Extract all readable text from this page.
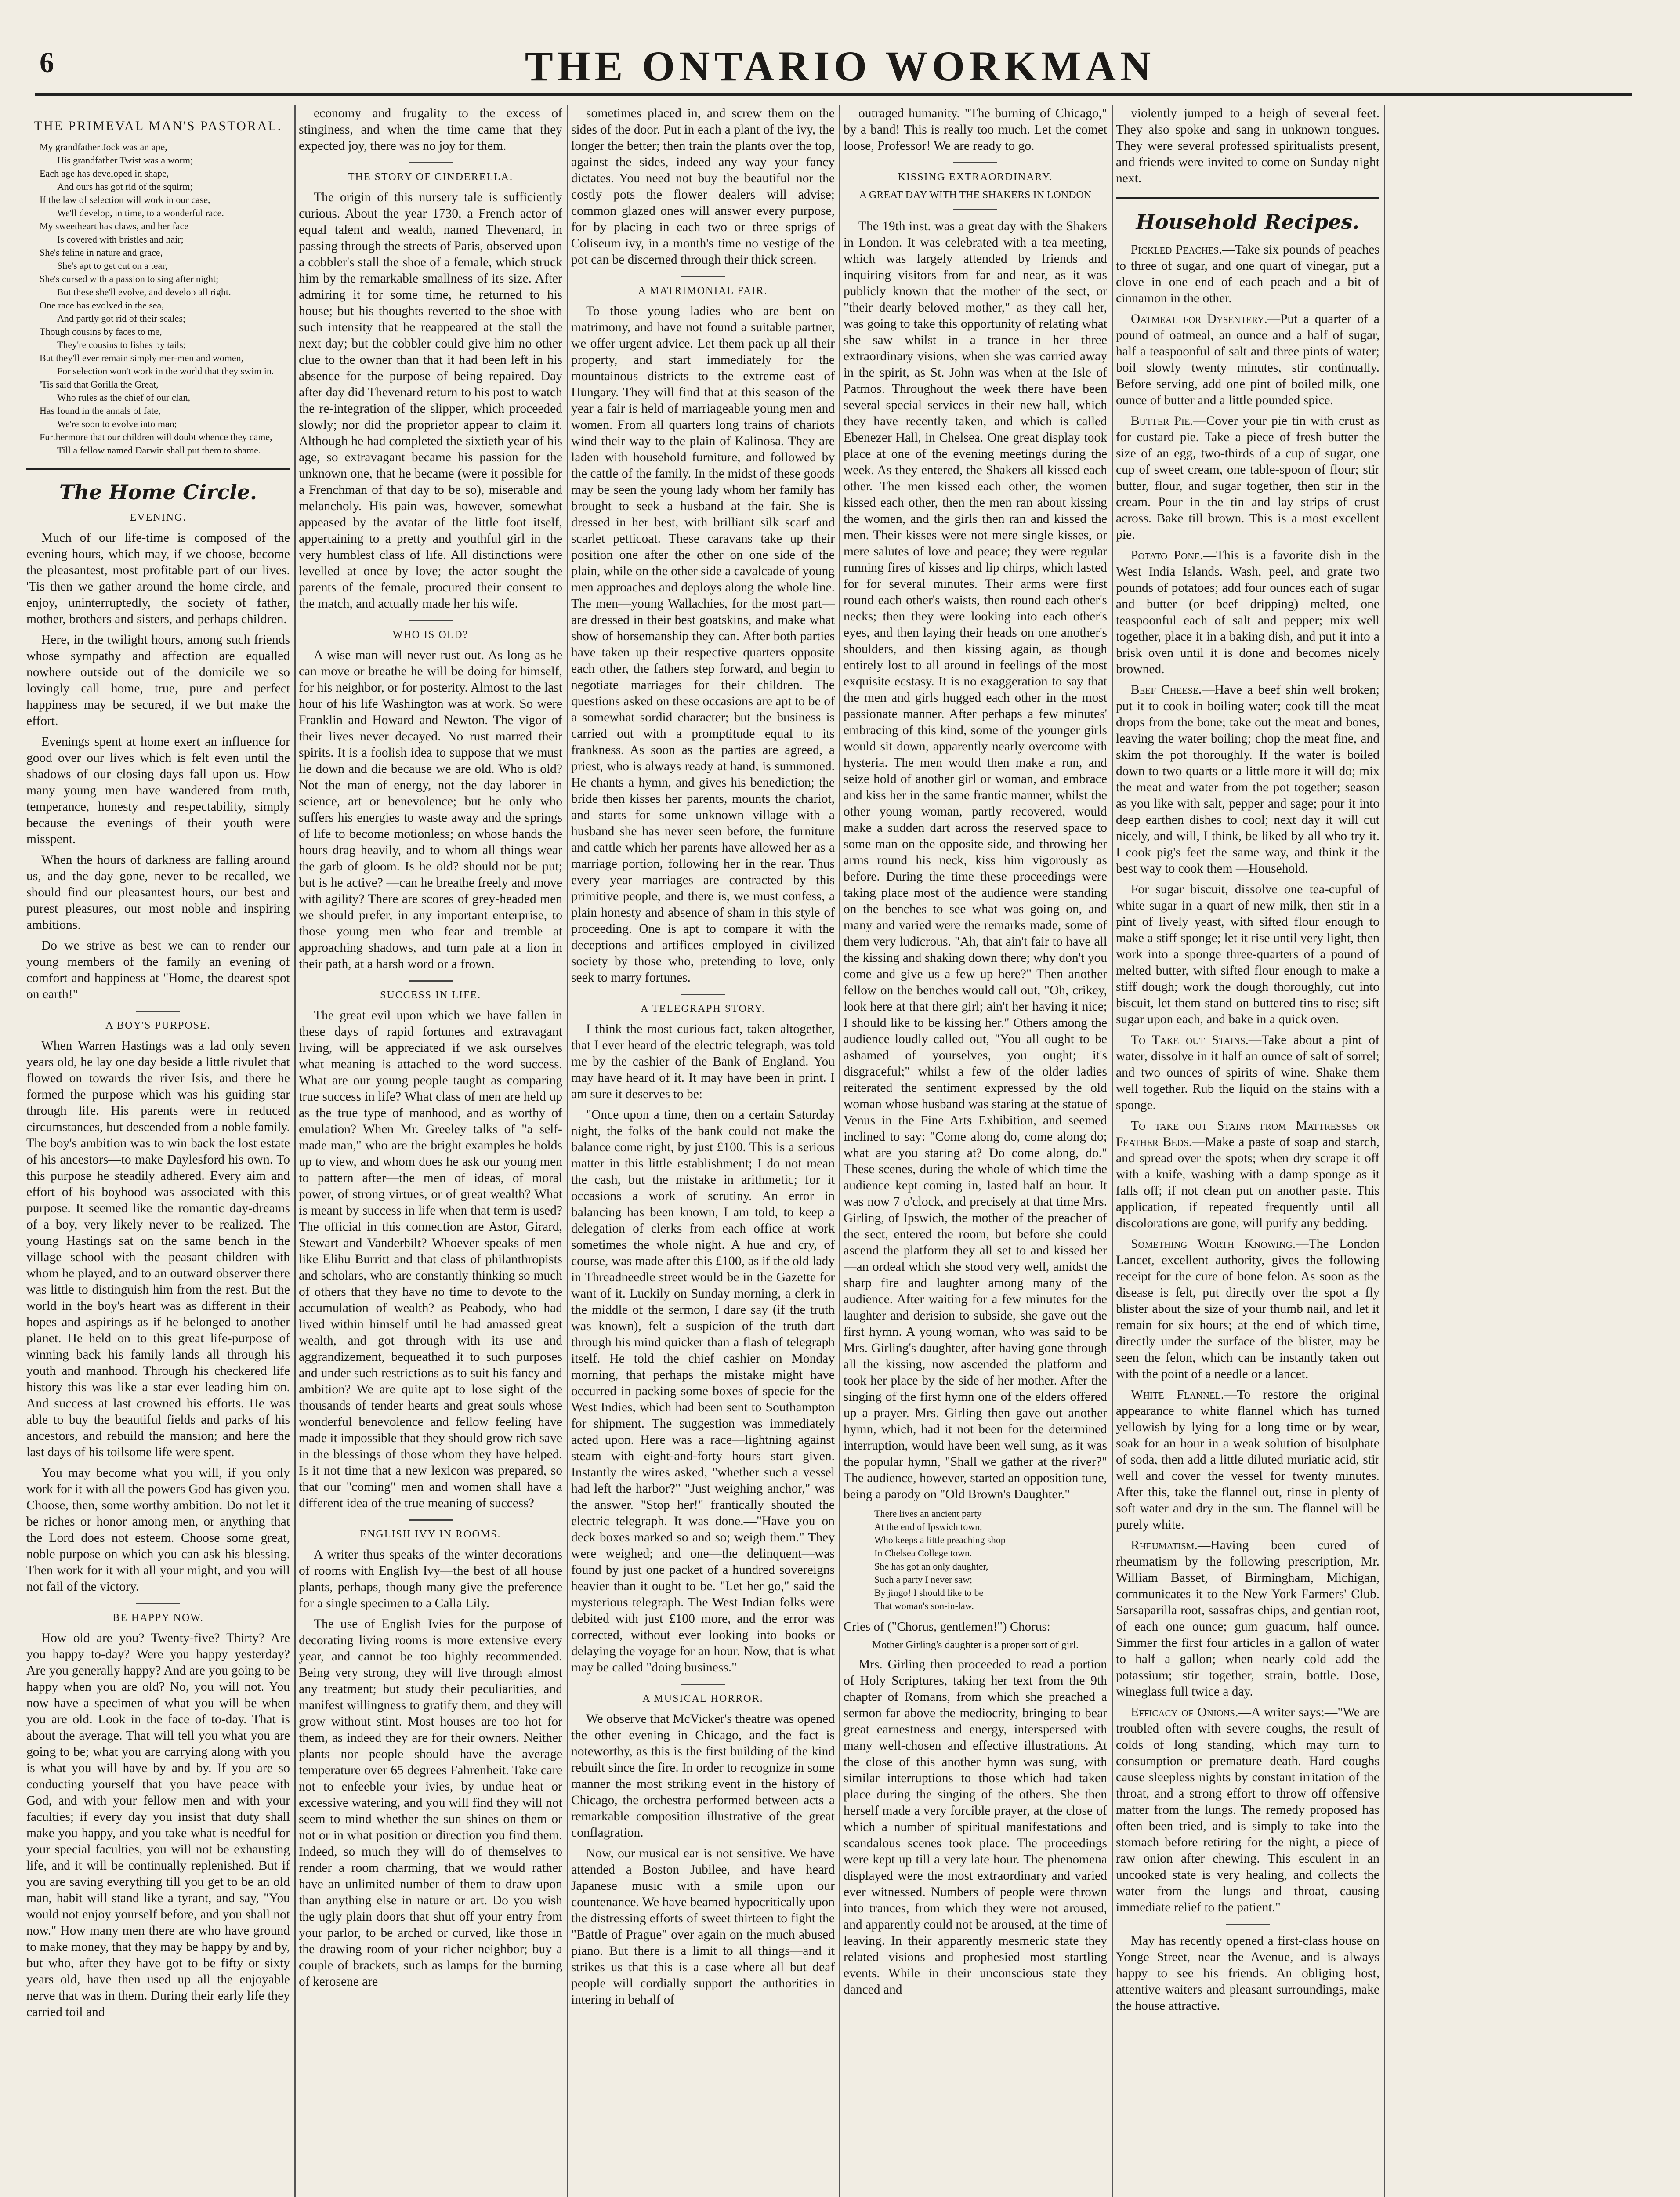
6	THE ONTARIO WORKMAN
THE PRIMEVAL MAN'S PASTORAL.
My grandfather Jock was an ape,
His grandfather Twist was a worm;
Each age has developed in shape,
And ours has got rid of the squirm;
If the law of selection will work in our case,
We'll develop, in time, to a wonderful race.
My sweetheart has claws, and her face
Is covered with bristles and hair;
She's feline in nature and grace,
She's apt to get cut on a tear,
She's cursed with a passion to sing after night;
But these she'll evolve, and develop all right.
One race has evolved in the sea,
And partly got rid of their scales;
Though cousins by faces to me,
They're cousins to fishes by tails;
But they'll ever remain simply mer-men and women,
For selection won't work in the world that they swim in.
'Tis said that Gorilla the Great,
Who rules as the chief of our clan,
Has found in the annals of fate,
We're soon to evolve into man;
Furthermore that our children will doubt whence they came,
Till a fellow named Darwin shall put them to shame.
The Home Circle.
EVENING.

Much of our life-time is composed of the evening hours, which may, if we choose, become the pleasantest, most profitable part of our lives. 'Tis then we gather around the home circle, and enjoy, uninterruptedly, the society of father, mother, brothers and sisters, and perhaps children.

Here, in the twilight hours, among such friends whose sympathy and affection are equalled nowhere outside out of the domicile we so lovingly call home, true, pure and perfect happiness may be secured, if we but make the effort.

Evenings spent at home exert an influence for good over our lives which is felt even until the shadows of our closing days fall upon us. How many young men have wandered from truth, temperance, honesty and respectability, simply because the evenings of their youth were misspent.

When the hours of darkness are falling around us, and the day gone, never to be recalled, we should find our pleasantest hours, our best and purest pleasures, our most noble and inspiring ambitions.

Do we strive as best we can to render our young members of the family an evening of comfort and happiness at "Home, the dearest spot on earth!"

A BOY'S PURPOSE.

When Warren Hastings was a lad only seven years old, he lay one day beside a little rivulet that flowed on towards the river Isis, and there he formed the purpose which was his guiding star through life. His parents were in reduced circumstances, but descended from a noble family. The boy's ambition was to win back the lost estate of his ancestors—to make Daylesford his own. To this purpose he steadily adhered. Every aim and effort of his boyhood was associated with this purpose. It seemed like the romantic day-dreams of a boy, very likely never to be realized. The young Hastings sat on the same bench in the village school with the peasant children with whom he played, and to an outward observer there was little to distinguish him from the rest. But the world in the boy's heart was as different in their hopes and aspirings as if he belonged to another planet. He held on to this great life-purpose of winning back his family lands all through his youth and manhood. Through his checkered life history this was like a star ever leading him on. And success at last crowned his efforts. He was able to buy the beautiful fields and parks of his ancestors, and rebuild the mansion; and here the last days of his toilsome life were spent.

You may become what you will, if you only work for it with all the powers God has given you. Choose, then, some worthy ambition. Do not let it be riches or honor among men, or anything that the Lord does not esteem. Choose some great, noble purpose on which you can ask his blessing. Then work for it with all your might, and you will not fail of the victory.

BE HAPPY NOW.

How old are you? Twenty-five? Thirty? Are you happy to-day? Were you happy yesterday? Are you generally happy? And are you going to be happy when you are old? No, you will not. You now have a specimen of what you will be when you are old. Look in the face of to-day. That is about the average. That will tell you what you are going to be; what you are carrying along with you is what you will have by and by. If you are so conducting yourself that you have peace with God, and with your fellow men and with your faculties; if every day you insist that duty shall make you happy, and you take what is needful for your special faculties, you will not be exhausting life, and it will be continually replenished. But if you are saving everything till you get to be an old man, habit will stand like a tyrant, and say, "You would not enjoy yourself before, and you shall not now." How many men there are who have ground to make money, that they may be happy by and by, but who, after they have got to be fifty or sixty years old, have then used up all the enjoyable nerve that was in them. During their early life they carried toil and

economy and frugality to the excess of stinginess, and when the time came that they expected joy, there was no joy for them.

THE STORY OF CINDERELLA.

The origin of this nursery tale is sufficiently curious. About the year 1730, a French actor of equal talent and wealth, named Thevenard, in passing through the streets of Paris, observed upon a cobbler's stall the shoe of a female, which struck him by the remarkable smallness of its size. After admiring it for some time, he returned to his house; but his thoughts reverted to the shoe with such intensity that he reappeared at the stall the next day; but the cobbler could give him no other clue to the owner than that it had been left in his absence for the purpose of being repaired. Day after day did Thevenard return to his post to watch the re-integration of the slipper, which proceeded slowly; nor did the proprietor appear to claim it. Although he had completed the sixtieth year of his age, so extravagant became his passion for the unknown one, that he became (were it possible for a Frenchman of that day to be so), miserable and melancholy. His pain was, however, somewhat appeased by the avatar of the little foot itself, appertaining to a pretty and youthful girl in the very humblest class of life. All distinctions were levelled at once by love; the actor sought the parents of the female, procured their consent to the match, and actually made her his wife.

WHO IS OLD?

A wise man will never rust out. As long as he can move or breathe he will be doing for himself, for his neighbor, or for posterity. Almost to the last hour of his life Washington was at work. So were Franklin and Howard and Newton. The vigor of their lives never decayed. No rust marred their spirits. It is a foolish idea to suppose that we must lie down and die because we are old. Who is old? Not the man of energy, not the day laborer in science, art or benevolence; but he only who suffers his energies to waste away and the springs of life to become motionless; on whose hands the hours drag heavily, and to whom all things wear the garb of gloom. Is he old? should not be put; but is he active? —can he breathe freely and move with agility? There are scores of grey-headed men we should prefer, in any important enterprise, to those young men who fear and tremble at approaching shadows, and turn pale at a lion in their path, at a harsh word or a frown.

SUCCESS IN LIFE.

The great evil upon which we have fallen in these days of rapid fortunes and extravagant living, will be appreciated if we ask ourselves what meaning is attached to the word success. What are our young people taught as comparing true success in life? What class of men are held up as the true type of manhood, and as worthy of emulation? When Mr. Greeley talks of "a self-made man," who are the bright examples he holds up to view, and whom does he ask our young men to pattern after—the men of ideas, of moral power, of strong virtues, or of great wealth? What is meant by success in life when that term is used? The official in this connection are Astor, Girard, Stewart and Vanderbilt? Whoever speaks of men like Elihu Burritt and that class of philanthropists and scholars, who are constantly thinking so much of others that they have no time to devote to the accumulation of wealth? as Peabody, who had lived within himself until he had amassed great wealth, and got through with its use and aggrandizement, bequeathed it to such purposes and under such restrictions as to suit his fancy and ambition? We are quite apt to lose sight of the thousands of tender hearts and great souls whose wonderful benevolence and fellow feeling have made it impossible that they should grow rich save in the blessings of those whom they have helped. Is it not time that a new lexicon was prepared, so that our "coming" men and women shall have a different idea of the true meaning of success?

ENGLISH IVY IN ROOMS.

A writer thus speaks of the winter decorations of rooms with English Ivy—the best of all house plants, perhaps, though many give the preference for a single specimen to a Calla Lily.

The use of English Ivies for the purpose of decorating living rooms is more extensive every year, and cannot be too highly recommended. Being very strong, they will live through almost any treatment; but study their peculiarities, and manifest willingness to gratify them, and they will grow without stint. Most houses are too hot for them, as indeed they are for their owners. Neither plants nor people should have the average temperature over 65 degrees Fahrenheit. Take care not to enfeeble your ivies, by undue heat or excessive watering, and you will find they will not seem to mind whether the sun shines on them or not or in what position or direction you find them. Indeed, so much they will do of themselves to render a room charming, that we would rather have an unlimited number of them to draw upon than anything else in nature or art. Do you wish the ugly plain doors that shut off your entry from your parlor, to be arched or curved, like those in the drawing room of your richer neighbor; buy a couple of brackets, such as lamps for the burning of kerosene are

sometimes placed in, and screw them on the sides of the door. Put in each a plant of the ivy, the longer the better; then train the plants over the top, against the sides, indeed any way your fancy dictates. You need not buy the beautiful nor the costly pots the flower dealers will advise; common glazed ones will answer every purpose, for by placing in each two or three sprigs of Coliseum ivy, in a month's time no vestige of the pot can be discerned through their thick screen.

A MATRIMONIAL FAIR.

To those young ladies who are bent on matrimony, and have not found a suitable partner, we offer urgent advice. Let them pack up all their property, and start immediately for the mountainous districts to the extreme east of Hungary. They will find that at this season of the year a fair is held of marriageable young men and women. From all quarters long trains of chariots wind their way to the plain of Kalinosa. They are laden with household furniture, and followed by the cattle of the family. In the midst of these goods may be seen the young lady whom her family has brought to seek a husband at the fair. She is dressed in her best, with brilliant silk scarf and scarlet petticoat. These caravans take up their position one after the other on one side of the plain, while on the other side a cavalcade of young men approaches and deploys along the whole line. The men—young Wallachies, for the most part—are dressed in their best goatskins, and make what show of horsemanship they can. After both parties have taken up their respective quarters opposite each other, the fathers step forward, and begin to negotiate marriages for their children. The questions asked on these occasions are apt to be of a somewhat sordid character; but the business is carried out with a promptitude equal to its frankness. As soon as the parties are agreed, a priest, who is always ready at hand, is summoned. He chants a hymn, and gives his benediction; the bride then kisses her parents, mounts the chariot, and starts for some unknown village with a husband she has never seen before, the furniture and cattle which her parents have allowed her as a marriage portion, following her in the rear. Thus every year marriages are contracted by this primitive people, and there is, we must confess, a plain honesty and absence of sham in this style of proceeding. One is apt to compare it with the deceptions and artifices employed in civilized society by those who, pretending to love, only seek to marry fortunes.

A TELEGRAPH STORY.

I think the most curious fact, taken altogether, that I ever heard of the electric telegraph, was told me by the cashier of the Bank of England. You may have heard of it. It may have been in print. I am sure it deserves to be:

"Once upon a time, then on a certain Saturday night, the folks of the bank could not make the balance come right, by just £100. This is a serious matter in this little establishment; I do not mean the cash, but the mistake in arithmetic; for it occasions a work of scrutiny. An error in balancing has been known, I am told, to keep a delegation of clerks from each office at work sometimes the whole night. A hue and cry, of course, was made after this £100, as if the old lady in Threadneedle street would be in the Gazette for want of it. Luckily on Sunday morning, a clerk in the middle of the sermon, I dare say (if the truth was known), felt a suspicion of the truth dart through his mind quicker than a flash of telegraph itself. He told the chief cashier on Monday morning, that perhaps the mistake might have occurred in packing some boxes of specie for the West Indies, which had been sent to Southampton for shipment. The suggestion was immediately acted upon. Here was a race—lightning against steam with eight-and-forty hours start given. Instantly the wires asked, "whether such a vessel had left the harbor?" "Just weighing anchor," was the answer. "Stop her!" frantically shouted the electric telegraph. It was done.—"Have you on deck boxes marked so and so; weigh them." They were weighed; and one—the delinquent—was found by just one packet of a hundred sovereigns heavier than it ought to be. "Let her go," said the mysterious telegraph. The West Indian folks were debited with just £100 more, and the error was corrected, without ever looking into books or delaying the voyage for an hour. Now, that is what may be called "doing business."

A MUSICAL HORROR.

We observe that McVicker's theatre was opened the other evening in Chicago, and the fact is noteworthy, as this is the first building of the kind rebuilt since the fire. In order to recognize in some manner the most striking event in the history of Chicago, the orchestra performed between acts a remarkable composition illustrative of the great conflagration.

Now, our musical ear is not sensitive. We have attended a Boston Jubilee, and have heard Japanese music with a smile upon our countenance. We have beamed hypocritically upon the distressing efforts of sweet thirteen to fight the "Battle of Prague" over again on the much abused piano. But there is a limit to all things—and it strikes us that this is a case where all but deaf people will cordially support the authorities in intering in behalf of

outraged humanity. "The burning of Chicago," by a band! This is really too much. Let the comet loose, Professor! We are ready to go.

KISSING EXTRAORDINARY.
A GREAT DAY WITH THE SHAKERS IN LONDON

The 19th inst. was a great day with the Shakers in London. It was celebrated with a tea meeting, which was largely attended by friends and inquiring visitors from far and near, as it was publicly known that the mother of the sect, or "their dearly beloved mother," as they call her, was going to take this opportunity of relating what she saw whilst in a trance in her three extraordinary visions, when she was carried away in the spirit, as St. John was when at the Isle of Patmos. Throughout the week there have been several special services in their new hall, which they have recently taken, and which is called Ebenezer Hall, in Chelsea. One great display took place at one of the evening meetings during the week. As they entered, the Shakers all kissed each other. The men kissed each other, the women kissed each other, then the men ran about kissing the women, and the girls then ran and kissed the men. Their kisses were not mere single kisses, or mere salutes of love and peace; they were regular running fires of kisses and lip chirps, which lasted for for several minutes. Their arms were first round each other's waists, then round each other's necks; then they were looking into each other's eyes, and then laying their heads on one another's shoulders, and then kissing again, as though entirely lost to all around in feelings of the most exquisite ecstasy. It is no exaggeration to say that the men and girls hugged each other in the most passionate manner. After perhaps a few minutes' embracing of this kind, some of the younger girls would sit down, apparently nearly overcome with hysteria. The men would then make a run, and seize hold of another girl or woman, and embrace and kiss her in the same frantic manner, whilst the other young woman, partly recovered, would make a sudden dart across the reserved space to some man on the opposite side, and throwing her arms round his neck, kiss him vigorously as before. During the time these proceedings were taking place most of the audience were standing on the benches to see what was going on, and many and varied were the remarks made, some of them very ludicrous. "Ah, that ain't fair to have all the kissing and shaking down there; why don't you come and give us a few up here?" Then another fellow on the benches would call out, "Oh, crikey, look here at that there girl; ain't her having it nice; I should like to be kissing her." Others among the audience loudly called out, "You all ought to be ashamed of yourselves, you ought; it's disgraceful;" whilst a few of the older ladies reiterated the sentiment expressed by the old woman whose husband was staring at the statue of Venus in the Fine Arts Exhibition, and seemed inclined to say: "Come along do, come along do; what are you staring at? Do come along, do." These scenes, during the whole of which time the audience kept coming in, lasted half an hour. It was now 7 o'clock, and precisely at that time Mrs. Girling, of Ipswich, the mother of the preacher of the sect, entered the room, but before she could ascend the platform they all set to and kissed her—an ordeal which she stood very well, amidst the sharp fire and laughter among many of the audience. After waiting for a few minutes for the laughter and derision to subside, she gave out the first hymn. A young woman, who was said to be Mrs. Girling's daughter, after having gone through all the kissing, now ascended the platform and took her place by the side of her mother. After the singing of the first hymn one of the elders offered up a prayer. Mrs. Girling then gave out another hymn, which, had it not been for the determined interruption, would have been well sung, as it was the popular hymn, "Shall we gather at the river?" The audience, however, started an opposition tune, being a parody on "Old Brown's Daughter."

There lives an ancient party
At the end of Ipswich town,
Who keeps a little preaching shop
In Chelsea College town.
She has got an only daughter,
Such a party I never saw;
By jingo! I should like to be
That woman's son-in-law.
Cries of ("Chorus, gentlemen!") Chorus:
Mother Girling's daughter is a proper sort of girl.

Mrs. Girling then proceeded to read a portion of Holy Scriptures, taking her text from the 9th chapter of Romans, from which she preached a sermon far above the mediocrity, bringing to bear great earnestness and energy, interspersed with many well-chosen and effective illustrations. At the close of this another hymn was sung, with similar interruptions to those which had taken place during the singing of the others. She then herself made a very forcible prayer, at the close of which a number of spiritual manifestations and scandalous scenes took place. The proceedings were kept up till a very late hour. The phenomena displayed were the most extraordinary and varied ever witnessed. Numbers of people were thrown into trances, from which they were not aroused, and apparently could not be aroused, at the time of leaving. In their apparently mesmeric state they related visions and prophesied most startling events. While in their unconscious state they danced and

violently jumped to a heigh of several feet. They also spoke and sang in unknown tongues. They were several professed spiritualists present, and friends were invited to come on Sunday night next.

Household Recipes.

Pickled Peaches.—Take six pounds of peaches to three of sugar, and one quart of vinegar, put a clove in one end of each peach and a bit of cinnamon in the other.

Oatmeal for Dysentery.—Put a quarter of a pound of oatmeal, an ounce and a half of sugar, half a teaspoonful of salt and three pints of water; boil slowly twenty minutes, stir continually. Before serving, add one pint of boiled milk, one ounce of butter and a little pounded spice.

Butter Pie.—Cover your pie tin with crust as for custard pie. Take a piece of fresh butter the size of an egg, two-thirds of a cup of sugar, one cup of sweet cream, one table-spoon of flour; stir butter, flour, and sugar together, then stir in the cream. Pour in the tin and lay strips of crust across. Bake till brown. This is a most excellent pie.

Potato Pone.—This is a favorite dish in the West India Islands. Wash, peel, and grate two pounds of potatoes; add four ounces each of sugar and butter (or beef dripping) melted, one teaspoonful each of salt and pepper; mix well together, place it in a baking dish, and put it into a brisk oven until it is done and becomes nicely browned.

Beef Cheese.—Have a beef shin well broken; put it to cook in boiling water; cook till the meat drops from the bone; take out the meat and bones, leaving the water boiling; chop the meat fine, and skim the pot thoroughly. If the water is boiled down to two quarts or a little more it will do; mix the meat and water from the pot together; season as you like with salt, pepper and sage; pour it into deep earthen dishes to cool; next day it will cut nicely, and will, I think, be liked by all who try it. I cook pig's feet the same way, and think it the best way to cook them —Household.

For sugar biscuit, dissolve one tea-cupful of white sugar in a quart of new milk, then stir in a pint of lively yeast, with sifted flour enough to make a stiff sponge; let it rise until very light, then work into a sponge three-quarters of a pound of melted butter, with sifted flour enough to make a stiff dough; work the dough thoroughly, cut into biscuit, let them stand on buttered tins to rise; sift sugar upon each, and bake in a quick oven.

To Take out Stains.—Take about a pint of water, dissolve in it half an ounce of salt of sorrel; and two ounces of spirits of wine. Shake them well together. Rub the liquid on the stains with a sponge.

To take out Stains from Mattresses or Feather Beds.—Make a paste of soap and starch, and spread over the spots; when dry scrape it off with a knife, washing with a damp sponge as it falls off; if not clean put on another paste. This application, if repeated frequently until all discolorations are gone, will purify any bedding.

Something Worth Knowing.—The London Lancet, excellent authority, gives the following receipt for the cure of bone felon. As soon as the disease is felt, put directly over the spot a fly blister about the size of your thumb nail, and let it remain for six hours; at the end of which time, directly under the surface of the blister, may be seen the felon, which can be instantly taken out with the point of a needle or a lancet.

White Flannel.—To restore the original appearance to white flannel which has turned yellowish by lying for a long time or by wear, soak for an hour in a weak solution of bisulphate of soda, then add a little diluted muriatic acid, stir well and cover the vessel for twenty minutes. After this, take the flannel out, rinse in plenty of soft water and dry in the sun. The flannel will be purely white.

Rheumatism.—Having been cured of rheumatism by the following prescription, Mr. William Basset, of Birmingham, Michigan, communicates it to the New York Farmers' Club. Sarsaparilla root, sassafras chips, and gentian root, of each one ounce; gum guacum, half ounce. Simmer the first four articles in a gallon of water to half a gallon; when nearly cold add the potassium; stir together, strain, bottle. Dose, wineglass full twice a day.

Efficacy of Onions.—A writer says:—"We are troubled often with severe coughs, the result of colds of long standing, which may turn to consumption or premature death. Hard coughs cause sleepless nights by constant irritation of the throat, and a strong effort to throw off offensive matter from the lungs. The remedy proposed has often been tried, and is simply to take into the stomach before retiring for the night, a piece of raw onion after chewing. This esculent in an uncooked state is very healing, and collects the water from the lungs and throat, causing immediate relief to the patient."

May has recently opened a first-class house on Yonge Street, near the Avenue, and is always happy to see his friends. An obliging host, attentive waiters and pleasant surroundings, make the house attractive.
